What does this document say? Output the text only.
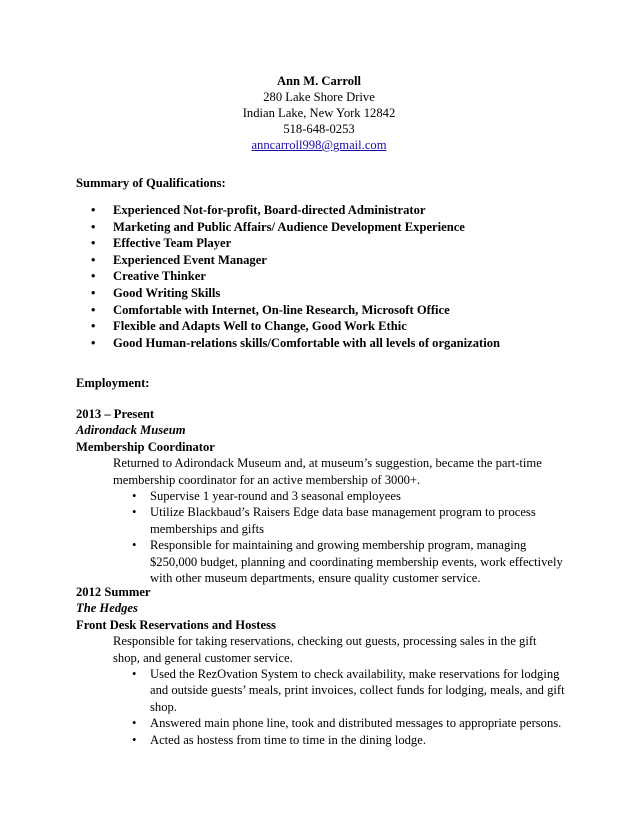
Ann M. Carroll
280 Lake Shore Drive
Indian Lake, New York 12842
518-648-0253
anncarroll998@gmail.com
Summary of Qualifications:
• Experienced Not-for-profit, Board-directed Administrator
• Marketing and Public Affairs/ Audience Development Experience
• Effective Team Player
• Experienced Event Manager
• Creative Thinker
• Good Writing Skills
• Comfortable with Internet, On-line Research, Microsoft Office
• Flexible and Adapts Well to Change, Good Work Ethic
• Good Human-relations skills/Comfortable with all levels of organization
Employment:
2013 – Present
Adirondack Museum
Membership Coordinator
Returned to Adirondack Museum and, at museum’s suggestion, became the part-time membership coordinator for an active membership of 3000+.
• Supervise 1 year-round and 3 seasonal employees
• Utilize Blackbaud’s Raisers Edge data base management program to process memberships and gifts
• Responsible for maintaining and growing membership program, managing $250,000 budget, planning and coordinating membership events, work effectively with other museum departments, ensure quality customer service.
2012 Summer
The Hedges
Front Desk Reservations and Hostess
Responsible for taking reservations, checking out guests, processing sales in the gift shop, and general customer service.
• Used the RezOvation System to check availability, make reservations for lodging and outside guests’ meals, print invoices, collect funds for lodging, meals, and gift shop.
• Answered main phone line, took and distributed messages to appropriate persons.
• Acted as hostess from time to time in the dining lodge.
